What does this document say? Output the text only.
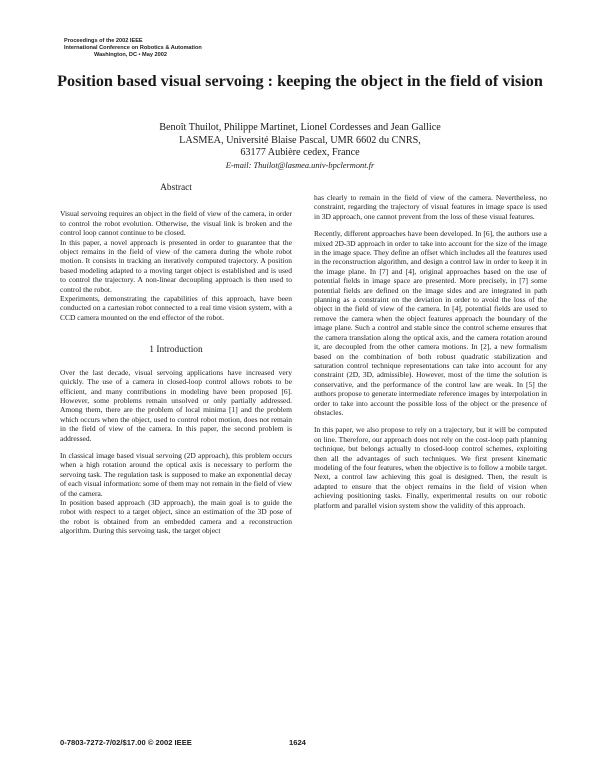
Proceedings of the 2002 IEEE
International Conference on Robotics & Automation
Washington, DC • May 2002
Position based visual servoing : keeping the object in the field of vision
Benoît Thuilot, Philippe Martinet, Lionel Cordesses and Jean Gallice
LASMEA, Université Blaise Pascal, UMR 6602 du CNRS,
63177 Aubière cedex, France
E-mail: Thuilot@lasmea.univ-bpclermont.fr
Abstract

Visual servoing requires an object in the field of view of the camera, in order to control the robot evolution. Otherwise, the visual link is broken and the control loop cannot continue to be closed.

In this paper, a novel approach is presented in order to guarantee that the object remains in the field of view of the camera during the whole robot motion. It consists in tracking an iteratively computed trajectory. A position based modeling adapted to a moving target object is established and is used to control the trajectory. A non-linear decoupling approach is then used to control the robot.

Experiments, demonstrating the capabilities of this approach, have been conducted on a cartesian robot connected to a real time vision system, with a CCD camera mounted on the end effector of the robot.

1 Introduction

Over the last decade, visual servoing applications have increased very quickly. The use of a camera in closed-loop control allows robots to be efficient, and many contributions in modeling have been proposed [6]. However, some problems remain unsolved or only partially addressed. Among them, there are the problem of local minima [1] and the problem which occurs when the object, used to control robot motion, does not remain in the field of view of the camera. In this paper, the second problem is addressed.

In classical image based visual servoing (2D approach), this problem occurs when a high rotation around the optical axis is necessary to perform the servoing task. The regulation task is supposed to make an exponential decay of each visual information: some of them may not remain in the field of view of the camera.

In position based approach (3D approach), the main goal is to guide the robot with respect to a target object, since an estimation of the 3D pose of the robot is obtained from an embedded camera and a reconstruction algorithm. During this servoing task, the target object

has clearly to remain in the field of view of the camera. Nevertheless, no constraint, regarding the trajectory of visual features in image space is used in 3D approach, one cannot prevent from the loss of these visual features.

Recently, different approaches have been developed. In [6], the authors use a mixed 2D-3D approach in order to take into account for the size of the image in the image space. They define an offset which includes all the features used in the reconstruction algorithm, and design a control law in order to keep it in the image plane. In [7] and [4], original approaches based on the use of potential fields in image space are presented. More precisely, in [7] some potential fields are defined on the image sides and are integrated in path planning as a constraint on the deviation in order to avoid the loss of the object in the field of view of the camera. In [4], potential fields are used to remove the camera when the object features approach the boundary of the image plane. Such a control and stable since the control scheme ensures that the camera translation along the optical axis, and the camera rotation around it, are decoupled from the other camera motions. In [2], a new formalism based on the combination of both robust quadratic stabilization and saturation control technique representations can take into account for any constraint (2D, 3D, admissible). However, most of the time the solution is conservative, and the performance of the control law are weak. In [5] the authors propose to generate intermediate reference images by interpolation in order to take into account the possible loss of the object or the presence of obstacles.

In this paper, we also propose to rely on a trajectory, but it will be computed on line. Therefore, our approach does not rely on the cost-loop path planning technique, but belongs actually to closed-loop control schemes, exploiting then all the advantages of such techniques. We first present kinematic modeling of the four features, when the objective is to follow a mobile target. Next, a control law achieving this goal is designed. Then, the result is adapted to ensure that the object remains in the field of vision when achieving positioning tasks. Finally, experimental results on our robotic platform and parallel vision system show the validity of this approach.

0-7803-7272-7/02/$17.00 © 2002 IEEE	1624
